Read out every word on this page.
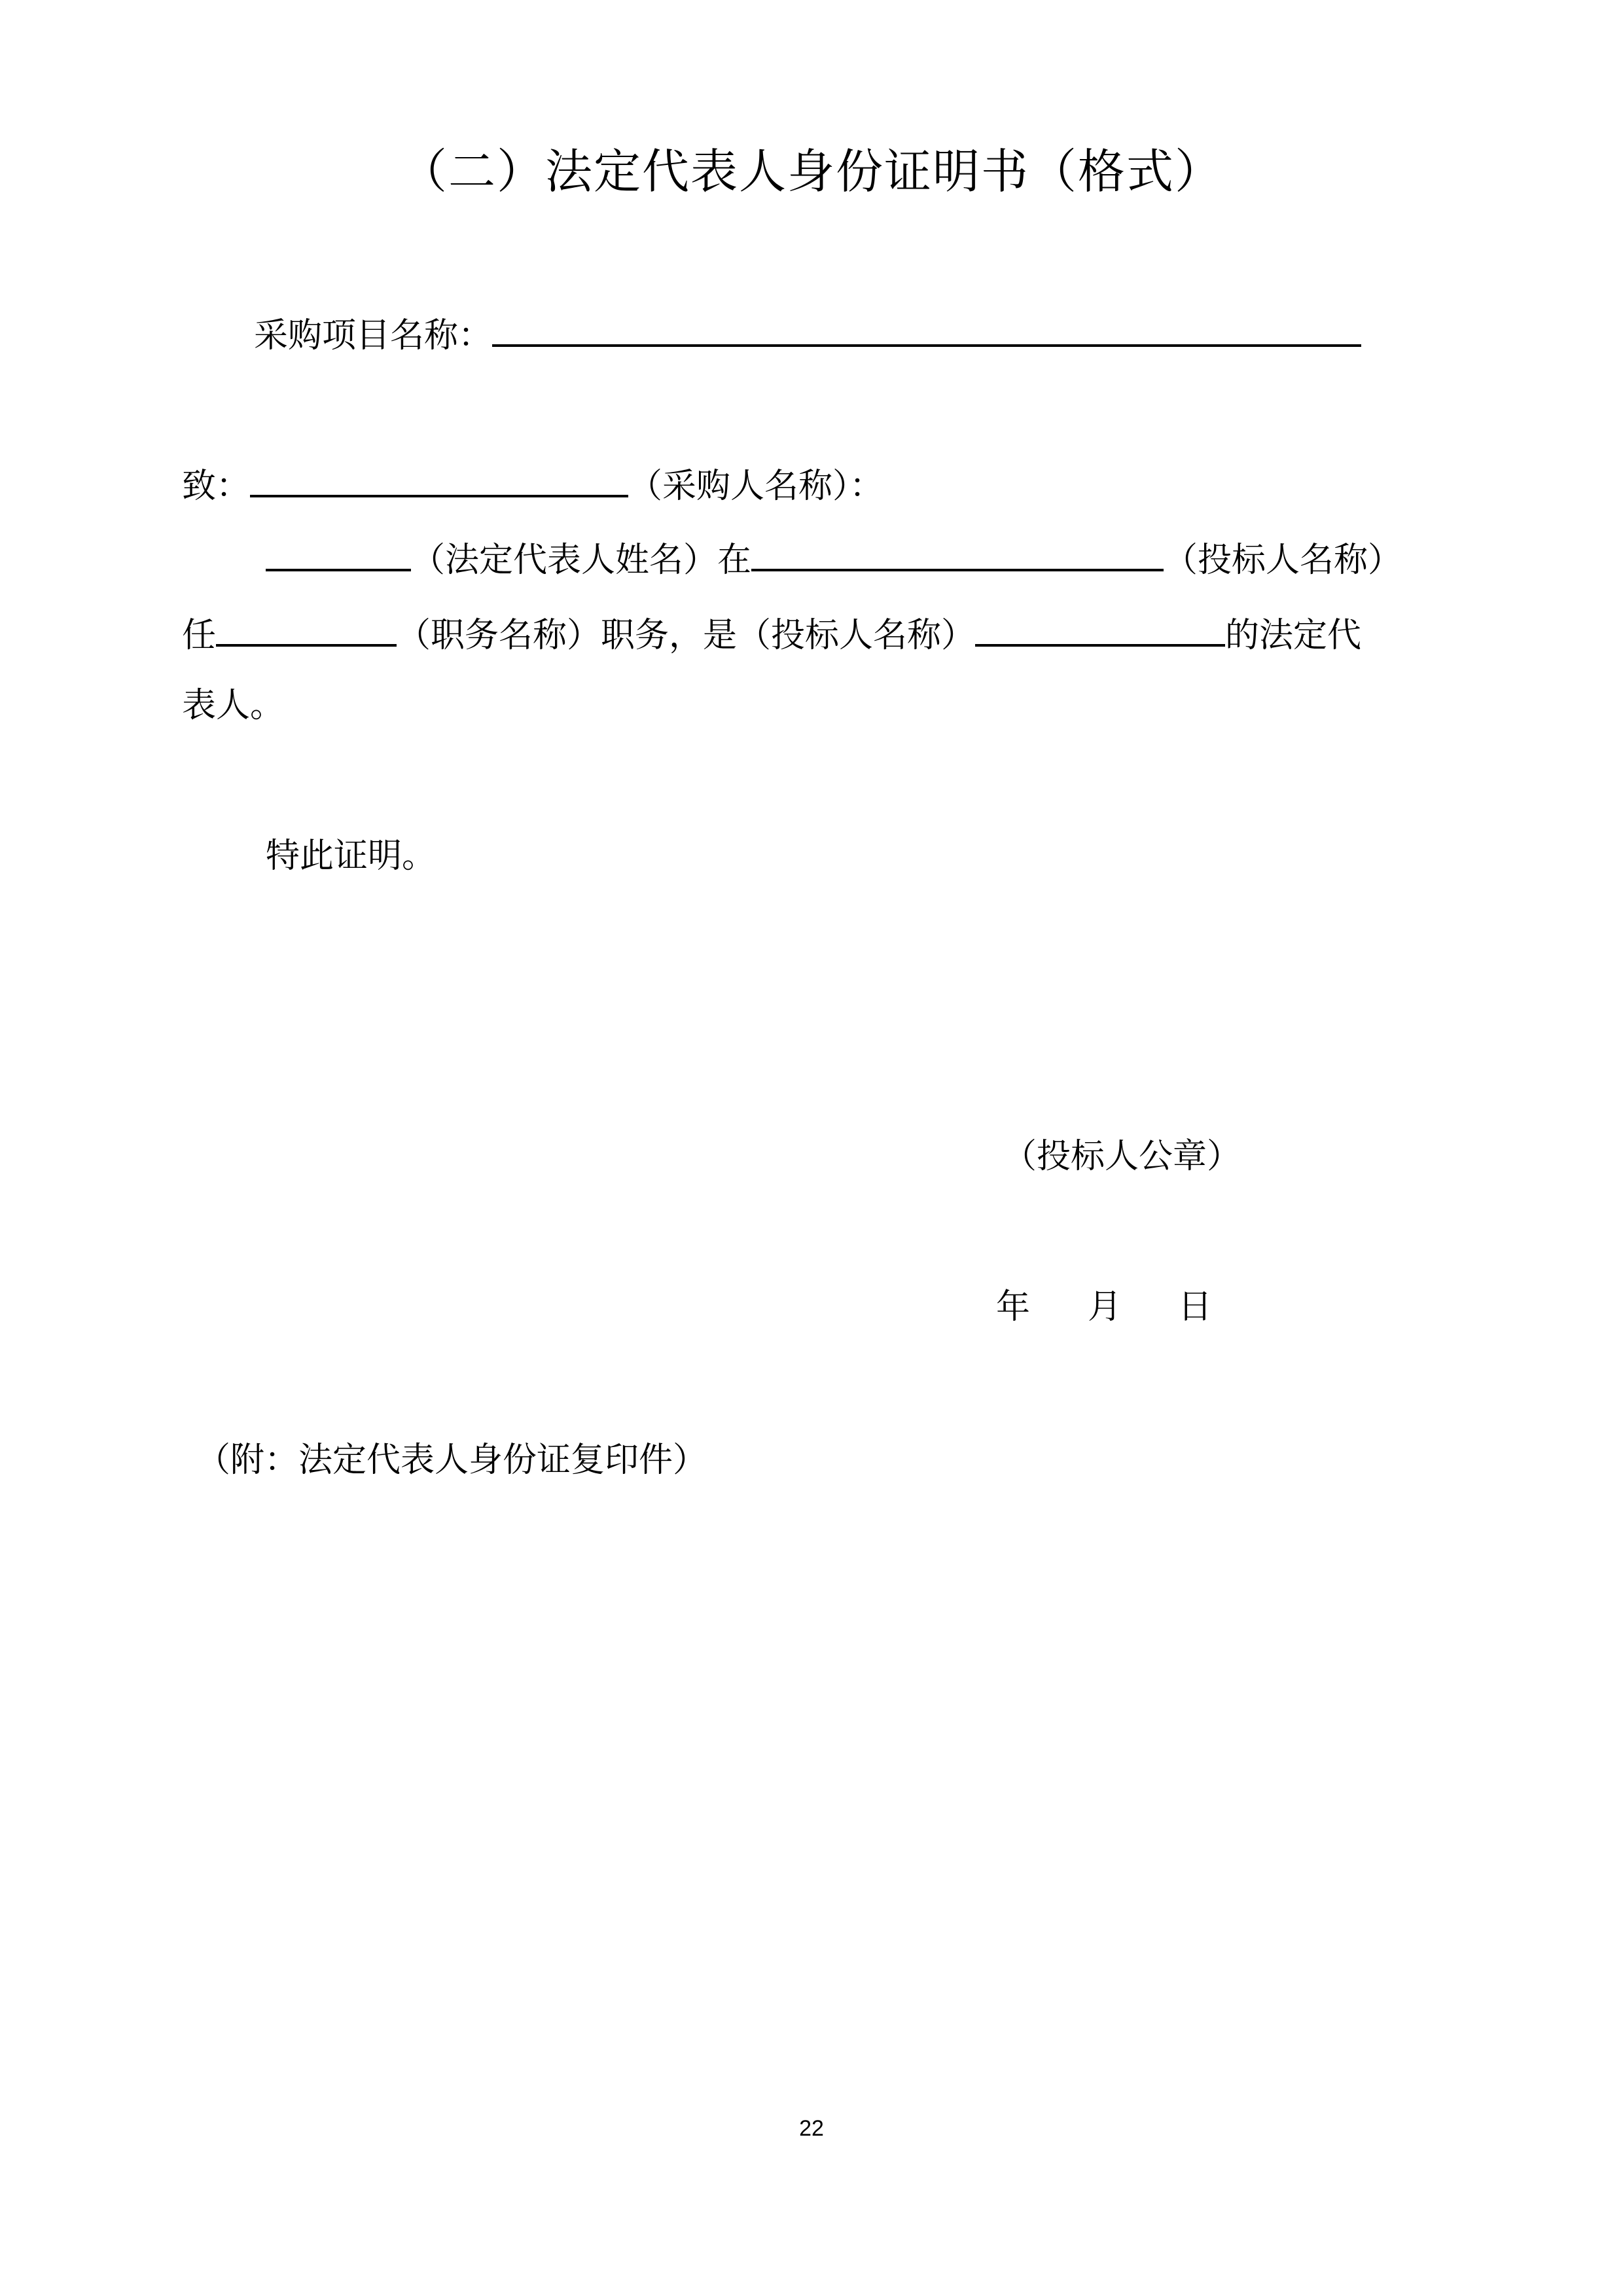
（二）法定代表人身份证明书（格式）
采购项目名称：
致：	（采购人名称）：
（法定代表人姓名）在	（投标人名称）
任	（职务名称）职务，是（投标人名称）	的法定代
表人。
特此证明。
（投标人公章）
年 月 日
（附：法定代表人身份证复印件）
22
